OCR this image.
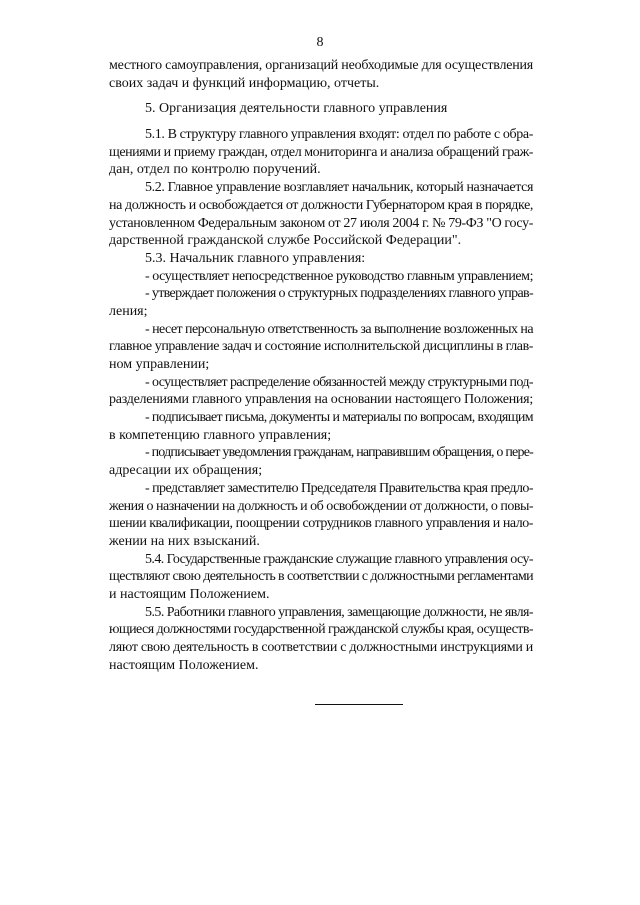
8
местного самоуправления, организаций необходимые для осуществления
своих задач и функций информацию, отчеты.
5. Организация деятельности главного управления
5.1. В структуру главного управления входят: отдел по работе с обра-
щениями и приему граждан, отдел мониторинга и анализа обращений граж-
дан, отдел по контролю поручений.
5.2. Главное управление возглавляет начальник, который назначается
на должность и освобождается от должности Губернатором края в порядке,
установленном Федеральным законом от 27 июля 2004 г. № 79-ФЗ "О госу-
дарственной гражданской службе Российской Федерации".
5.3. Начальник главного управления:
- осуществляет непосредственное руководство главным управлением;
- утверждает положения о структурных подразделениях главного управ-
ления;
- несет персональную ответственность за выполнение возложенных на
главное управление задач и состояние исполнительской дисциплины в глав-
ном управлении;
- осуществляет распределение обязанностей между структурными под-
разделениями главного управления на основании настоящего Положения;
- подписывает письма, документы и материалы по вопросам, входящим
в компетенцию главного управления;
- подписывает уведомления гражданам, направившим обращения, о пере-
адресации их обращения;
- представляет заместителю Председателя Правительства края предло-
жения о назначении на должность и об освобождении от должности, о повы-
шении квалификации, поощрении сотрудников главного управления и нало-
жении на них взысканий.
5.4. Государственные гражданские служащие главного управления осу-
ществляют свою деятельность в соответствии с должностными регламентами
и настоящим Положением.
5.5. Работники главного управления, замещающие должности, не явля-
ющиеся должностями государственной гражданской службы края, осуществ-
ляют свою деятельность в соответствии с должностными инструкциями и
настоящим Положением.
